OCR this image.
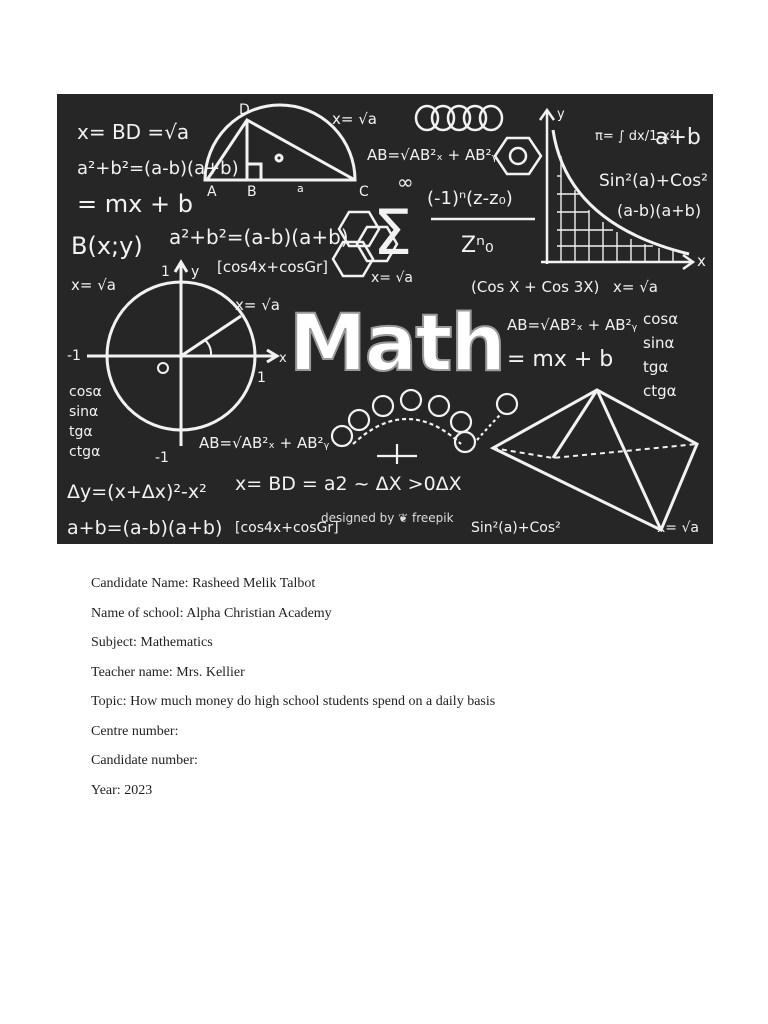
x= BD =√a
a²+b²=(a-b)(a+b)
= mx + b
B(x;y) a²+b²=(a-b)(a+b)
[cos4x+cosGr]
D
A B	C
a
x= √a
AB=√AB²ₓ + AB²ᵧ
Σ
∞
(-1)ⁿ(z-z₀)
Zⁿ₀
x= √a
y
x
π= ∫ dx/1-x²
a+b
Sin²(a)+Cos²
(a-b)(a+b)
1 y
-1
1
x
-1
x= √a
x= √a Math
(Cos X + Cos 3X) x= √a
AB=√AB²ₓ + AB²ᵧ
= mx + b
cosα
sinα
tgα
ctgα
cosα
sinα
tgα
ctgα	AB=√AB²ₓ + AB²ᵧ
Δy=(x+Δx)²-x² x= BD = a2 ~ ΔX >0ΔX
a+b=(a-b)(a+b) [cos4x+cosGr]
designed by ❦ freepik
Sin²(a)+Cos²	x= √a
Candidate Name: Rasheed Melik Talbot
Name of school: Alpha Christian Academy
Subject: Mathematics
Teacher name: Mrs. Kellier
Topic: How much money do high school students spend on a daily basis
Centre number:
Candidate number:
Year: 2023
